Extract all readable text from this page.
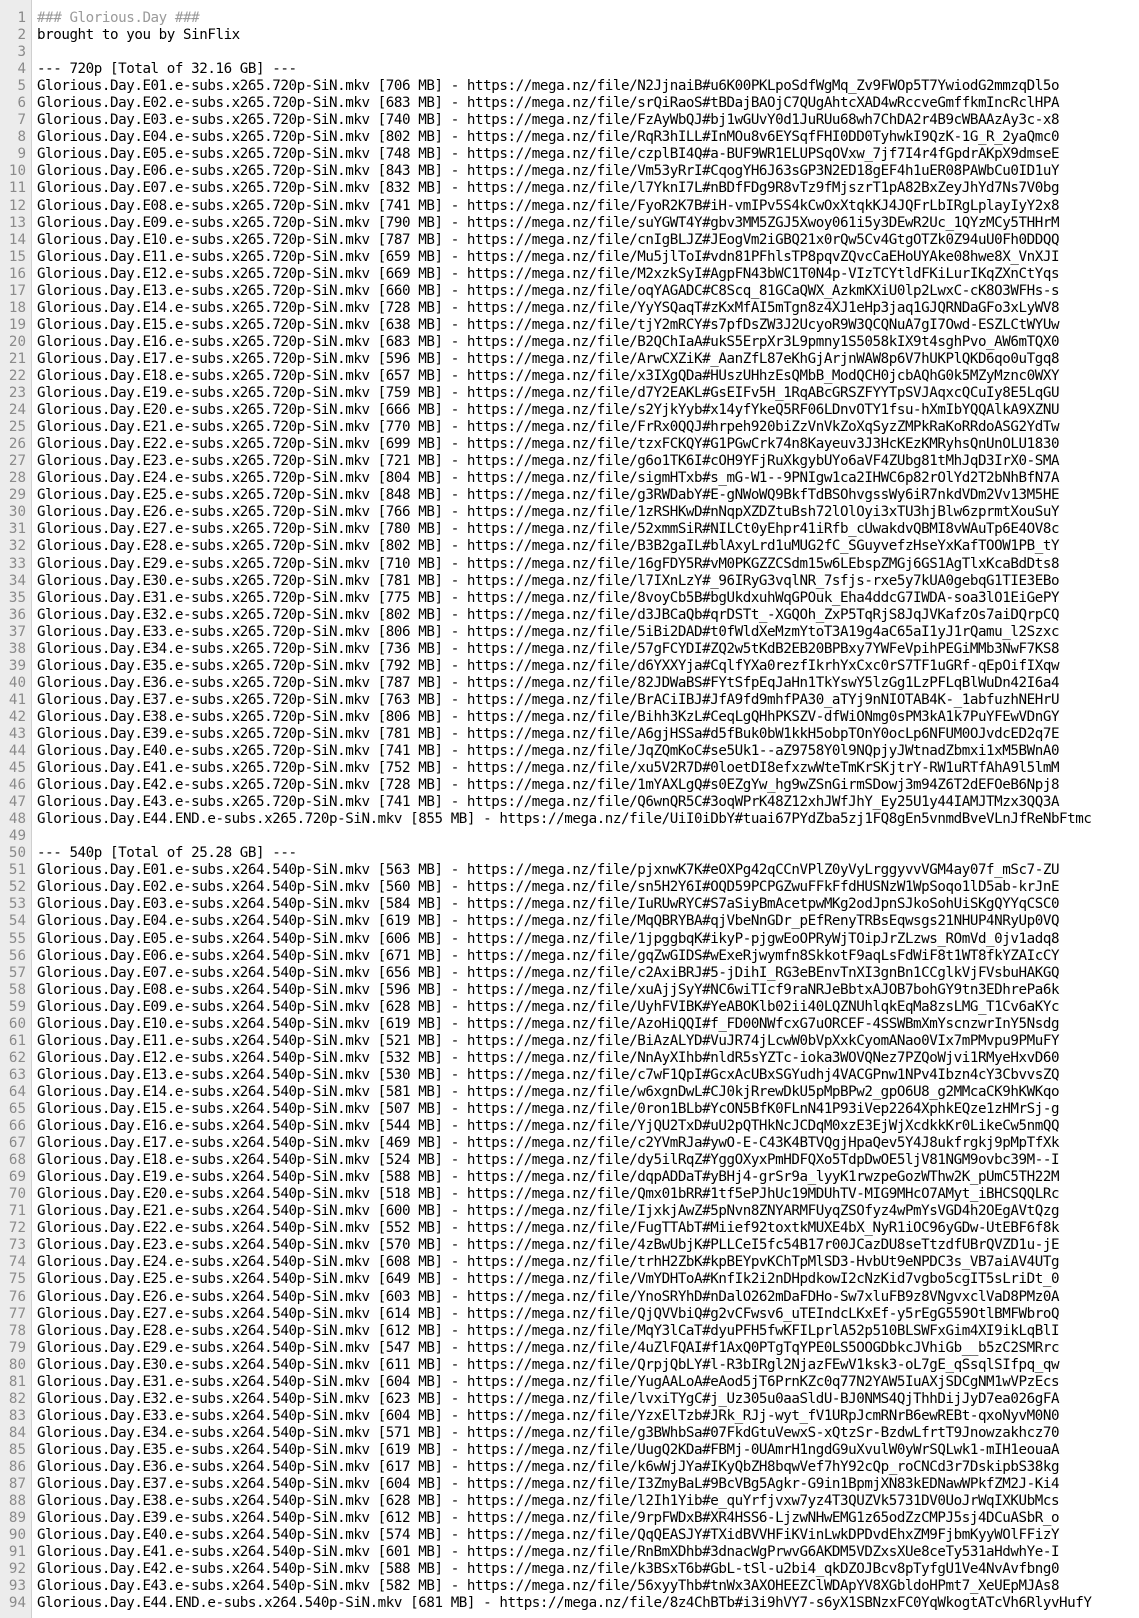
1 ### Glorious.Day ###
2 brought to you by SinFlix
3
4 --- 720p [Total of 32.16 GB] ---
5 Glorious.Day.E01.e-subs.x265.720p-SiN.mkv [706 MB] - https://mega.nz/file/N2JjnaiB#u6K00PKLpoSdfWgMq_Zv9FWOp5T7YwiodG2mmzqDl5o
6 Glorious.Day.E02.e-subs.x265.720p-SiN.mkv [683 MB] - https://mega.nz/file/srQiRaoS#tBDajBAOjC7QUgAhtcXAD4wRccveGmffkmIncRclHPA
7 Glorious.Day.E03.e-subs.x265.720p-SiN.mkv [740 MB] - https://mega.nz/file/FzAyWbQJ#bj1wGUvY0d1JuRUu68wh7ChDA2r4B9cWBAAzAy3c-x8
8 Glorious.Day.E04.e-subs.x265.720p-SiN.mkv [802 MB] - https://mega.nz/file/RqR3hILL#InMOu8v6EYSqfFHI0DD0TyhwkI9QzK-1G_R_2yaQmc0
9 Glorious.Day.E05.e-subs.x265.720p-SiN.mkv [748 MB] - https://mega.nz/file/czplBI4Q#a-BUF9WR1ELUPSqOVxw_7jf7I4r4fGpdrAKpX9dmseE
10 Glorious.Day.E06.e-subs.x265.720p-SiN.mkv [843 MB] - https://mega.nz/file/Vm53yRrI#CqogYH6J63sGP3N2ED18gEF4h1uER08PAWbCu0ID1uY
11 Glorious.Day.E07.e-subs.x265.720p-SiN.mkv [832 MB] - https://mega.nz/file/l7YknI7L#nBDfFDg9R8vTz9fMjszrT1pA82BxZeyJhYd7Ns7V0bg
12 Glorious.Day.E08.e-subs.x265.720p-SiN.mkv [741 MB] - https://mega.nz/file/FyoR2K7B#iH-vmIPv5S4kCwOxXtqkKJ4JQFrLbIRgLplayIyY2x8
13 Glorious.Day.E09.e-subs.x265.720p-SiN.mkv [790 MB] - https://mega.nz/file/suYGWT4Y#gbv3MM5ZGJ5Xwoy061i5y3DEwR2Uc_1QYzMCy5THHrM
14 Glorious.Day.E10.e-subs.x265.720p-SiN.mkv [787 MB] - https://mega.nz/file/cnIgBLJZ#JEogVm2iGBQ21x0rQw5Cv4GtgOTZk0Z94uU0Fh0DDQQ
15 Glorious.Day.E11.e-subs.x265.720p-SiN.mkv [659 MB] - https://mega.nz/file/Mu5jlToI#vdn81PFhlsTP8pqvZQvcCaEHoUYAke08hwe8X_VnXJI
16 Glorious.Day.E12.e-subs.x265.720p-SiN.mkv [669 MB] - https://mega.nz/file/M2xzkSyI#AgpFN43bWC1T0N4p-VIzTCYtldFKiLurIKqZXnCtYqs
17 Glorious.Day.E13.e-subs.x265.720p-SiN.mkv [660 MB] - https://mega.nz/file/oqYAGADC#C8Scq_81GCaQWX_AzkmKXiU0lp2LwxC-cK8O3WFHs-s
18 Glorious.Day.E14.e-subs.x265.720p-SiN.mkv [728 MB] - https://mega.nz/file/YyYSQaqT#zKxMfAI5mTgn8z4XJ1eHp3jaq1GJQRNDaGFo3xLyWV8
19 Glorious.Day.E15.e-subs.x265.720p-SiN.mkv [638 MB] - https://mega.nz/file/tjY2mRCY#s7pfDsZW3J2UcyoR9W3QCQNuA7gI7Owd-ESZLCtWYUw
20 Glorious.Day.E16.e-subs.x265.720p-SiN.mkv [683 MB] - https://mega.nz/file/B2QChIaA#ukS5ErpXr3L9pmny1S5058kIX9t4sghPvo_AW6mTQX0
21 Glorious.Day.E17.e-subs.x265.720p-SiN.mkv [596 MB] - https://mega.nz/file/ArwCXZiK#_AanZfL87eKhGjArjnWAW8p6V7hUKPlQKD6qo0uTgq8
22 Glorious.Day.E18.e-subs.x265.720p-SiN.mkv [657 MB] - https://mega.nz/file/x3IXgQDa#HUszUHhzEsQMbB_ModQCH0jcbAQhG0k5MZyMznc0WXY
23 Glorious.Day.E19.e-subs.x265.720p-SiN.mkv [759 MB] - https://mega.nz/file/d7Y2EAKL#GsEIFv5H_1RqABcGRSZFYYTpSVJAqxcQCuIy8E5LqGU
24 Glorious.Day.E20.e-subs.x265.720p-SiN.mkv [666 MB] - https://mega.nz/file/s2YjkYyb#x14yfYkeQ5RF06LDnvOTY1fsu-hXmIbYQQAlkA9XZNU
25 Glorious.Day.E21.e-subs.x265.720p-SiN.mkv [770 MB] - https://mega.nz/file/FrRx0QQJ#hrpeh920biZzVnVkZoXqSyzZMPkRaKoRRdoASG2YdTw
26 Glorious.Day.E22.e-subs.x265.720p-SiN.mkv [699 MB] - https://mega.nz/file/tzxFCKQY#G1PGwCrk74n8Kayeuv3J3HcKEzKMRyhsQnUnOLU1830
27 Glorious.Day.E23.e-subs.x265.720p-SiN.mkv [721 MB] - https://mega.nz/file/g6o1TK6I#cOH9YFjRuXkgybUYo6aVF4ZUbg81tMhJqD3IrX0-SMA
28 Glorious.Day.E24.e-subs.x265.720p-SiN.mkv [804 MB] - https://mega.nz/file/sigmHTxb#s_mG-W1--9PNIgw1ca2IHWC6p82rOlYd2T2bNhBfN7A
29 Glorious.Day.E25.e-subs.x265.720p-SiN.mkv [848 MB] - https://mega.nz/file/g3RWDabY#E-gNWoWQ9BkfTdBSOhvgssWy6iR7nkdVDm2Vv13M5HE
30 Glorious.Day.E26.e-subs.x265.720p-SiN.mkv [766 MB] - https://mega.nz/file/1zRSHKwD#nNqpXZDZtuBsh72lOlOyi3xTU3hjBlw6zprmtXouSuY
31 Glorious.Day.E27.e-subs.x265.720p-SiN.mkv [780 MB] - https://mega.nz/file/52xmmSiR#NILCt0yEhpr41iRfb_cUwakdvQBMI8vWAuTp6E4OV8c
32 Glorious.Day.E28.e-subs.x265.720p-SiN.mkv [802 MB] - https://mega.nz/file/B3B2gaIL#blAxyLrd1uMUG2fC_SGuyvefzHseYxKafTOOW1PB_tY
33 Glorious.Day.E29.e-subs.x265.720p-SiN.mkv [710 MB] - https://mega.nz/file/16gFDY5R#vM0PKGZZCSdm15w6LEbspZMGj6GS1AgTlxKcaBdDts8
34 Glorious.Day.E30.e-subs.x265.720p-SiN.mkv [781 MB] - https://mega.nz/file/l7IXnLzY#_96IRyG3vqlNR_7sfjs-rxe5y7kUA0gebqG1TIE3EBo
35 Glorious.Day.E31.e-subs.x265.720p-SiN.mkv [775 MB] - https://mega.nz/file/8voyCb5B#bgUkdxuhWqGPOuk_Eha4ddcG7IWDA-soa3lO1EiGePY
36 Glorious.Day.E32.e-subs.x265.720p-SiN.mkv [802 MB] - https://mega.nz/file/d3JBCaQb#qrDSTt_-XGQOh_ZxP5TqRjS8JqJVKafzOs7aiDQrpCQ
37 Glorious.Day.E33.e-subs.x265.720p-SiN.mkv [806 MB] - https://mega.nz/file/5iBi2DAD#t0fWldXeMzmYtoT3A19g4aC65aI1yJ1rQamu_l2Szxc
38 Glorious.Day.E34.e-subs.x265.720p-SiN.mkv [736 MB] - https://mega.nz/file/57gFCYDI#ZQ2w5tKdB2EB20BPBxy7YWFeVpihPEGiMMb3NwF7KS8
39 Glorious.Day.E35.e-subs.x265.720p-SiN.mkv [792 MB] - https://mega.nz/file/d6YXXYja#CqlfYXa0rezfIkrhYxCxc0rS7TF1uGRf-qEpOifIXqw
40 Glorious.Day.E36.e-subs.x265.720p-SiN.mkv [787 MB] - https://mega.nz/file/82JDWaBS#FYtSfpEqJaHn1TkYswY5lzGg1LzPFLqBlWuDn42I6a4
41 Glorious.Day.E37.e-subs.x265.720p-SiN.mkv [763 MB] - https://mega.nz/file/BrACiIBJ#JfA9fd9mhfPA30_aTYj9nNIOTAB4K-_1abfuzhNEHrU
42 Glorious.Day.E38.e-subs.x265.720p-SiN.mkv [806 MB] - https://mega.nz/file/Bihh3KzL#CeqLgQHhPKSZV-dfWiONmg0sPM3kA1k7PuYFEwVDnGY
43 Glorious.Day.E39.e-subs.x265.720p-SiN.mkv [781 MB] - https://mega.nz/file/A6gjHSSa#d5fBuk0bW1kkH5obpTOnY0ocLp6NFUM0OJvdcED2q7E
44 Glorious.Day.E40.e-subs.x265.720p-SiN.mkv [741 MB] - https://mega.nz/file/JqZQmKoC#se5Uk1--aZ9758Y0l9NQpjyJWtnadZbmxi1xM5BWnA0
45 Glorious.Day.E41.e-subs.x265.720p-SiN.mkv [752 MB] - https://mega.nz/file/xu5V2R7D#0loetDI8efxzwWteTmKrSKjtrY-RW1uRTfAhA9l5lmM
46 Glorious.Day.E42.e-subs.x265.720p-SiN.mkv [728 MB] - https://mega.nz/file/1mYAXLgQ#s0EZgYw_hg9wZSnGirmSDowj3m94Z6T2dEFOeB6Npj8
47 Glorious.Day.E43.e-subs.x265.720p-SiN.mkv [741 MB] - https://mega.nz/file/Q6wnQR5C#3oqWPrK48Z12xhJWfJhY_Ey25U1y44IAMJTMzx3QQ3A
48 Glorious.Day.E44.END.e-subs.x265.720p-SiN.mkv [855 MB] - https://mega.nz/file/UiI0iDbY#tuai67PYdZba5zj1FQ8gEn5vnmdBveVLnJfReNbFtmc
49
50 --- 540p [Total of 25.28 GB] ---
51 Glorious.Day.E01.e-subs.x264.540p-SiN.mkv [563 MB] - https://mega.nz/file/pjxnwK7K#eOXPg42qCCnVPlZ0yVyLrggyvvVGM4ay07f_mSc7-ZU
52 Glorious.Day.E02.e-subs.x264.540p-SiN.mkv [560 MB] - https://mega.nz/file/sn5H2Y6I#OQD59PCPGZwuFFkFfdHUSNzW1WpSoqo1lD5ab-krJnE
53 Glorious.Day.E03.e-subs.x264.540p-SiN.mkv [584 MB] - https://mega.nz/file/IuRUwRYC#S7aSiyBmAcetpwMKg2odJpnSJkoSohUiSKgQYYqCSC0
54 Glorious.Day.E04.e-subs.x264.540p-SiN.mkv [619 MB] - https://mega.nz/file/MqQBRYBA#qjVbeNnGDr_pEfRenyTRBsEqwsgs21NHUP4NRyUp0VQ
55 Glorious.Day.E05.e-subs.x264.540p-SiN.mkv [606 MB] - https://mega.nz/file/1jpggbqK#ikyP-pjgwEoOPRyWjTOipJrZLzws_ROmVd_0jv1adq8
56 Glorious.Day.E06.e-subs.x264.540p-SiN.mkv [671 MB] - https://mega.nz/file/gqZwGIDS#wExeRjwymfn8SkkotF9aqLsFdWiF8t1WT8fkYZAIcCY
57 Glorious.Day.E07.e-subs.x264.540p-SiN.mkv [656 MB] - https://mega.nz/file/c2AxiBRJ#5-jDihI_RG3eBEnvTnXI3gnBn1CCglkVjFVsbuHAKGQ
58 Glorious.Day.E08.e-subs.x264.540p-SiN.mkv [596 MB] - https://mega.nz/file/xuAjjSyY#NC6wiTIcf9raNRJeBbtxAJOB7bohGY9tn3EDhrePa6k
59 Glorious.Day.E09.e-subs.x264.540p-SiN.mkv [628 MB] - https://mega.nz/file/UyhFVIBK#YeABOKlb02ii40LQZNUhlqkEqMa8zsLMG_T1Cv6aKYc
60 Glorious.Day.E10.e-subs.x264.540p-SiN.mkv [619 MB] - https://mega.nz/file/AzoHiQQI#f_FD00NWfcxG7uORCEF-4SSWBmXmYscnzwrInY5Nsdg
61 Glorious.Day.E11.e-subs.x264.540p-SiN.mkv [521 MB] - https://mega.nz/file/BiAzALYD#VuJR74jLcwW0bVpXxkCyomANao0VIx7mPMvpu9PMuFY
62 Glorious.Day.E12.e-subs.x264.540p-SiN.mkv [532 MB] - https://mega.nz/file/NnAyXIhb#nldR5sYZTc-ioka3WOVQNez7PZQoWjvi1RMyeHxvD60
63 Glorious.Day.E13.e-subs.x264.540p-SiN.mkv [530 MB] - https://mega.nz/file/c7wF1QpI#GcxAcUBxSGYudhj4VACGPnw1NPv4Ibzn4cY3CbvvsZQ
64 Glorious.Day.E14.e-subs.x264.540p-SiN.mkv [581 MB] - https://mega.nz/file/w6xgnDwL#CJ0kjRrewDkU5pMpBPw2_gpO6U8_g2MMcaCK9hKWKqo
65 Glorious.Day.E15.e-subs.x264.540p-SiN.mkv [507 MB] - https://mega.nz/file/0ron1BLb#YcON5BfK0FLnN41P93iVep2264XphkEQze1zHMrSj-g
66 Glorious.Day.E16.e-subs.x264.540p-SiN.mkv [544 MB] - https://mega.nz/file/YjQU2TxD#uU2pQTHkNcJCDqM0xzE3EjWjXcdkkKr0LikeCw5nmQQ
67 Glorious.Day.E17.e-subs.x264.540p-SiN.mkv [469 MB] - https://mega.nz/file/c2YVmRJa#ywO-E-C43K4BTVQgjHpaQev5Y4J8ukfrgkj9pMpTfXk
68 Glorious.Day.E18.e-subs.x264.540p-SiN.mkv [524 MB] - https://mega.nz/file/dy5ilRqZ#YggOXyxPmHDFQXo5TdpDwOE5ljV81NGM9ovbc39M--I
69 Glorious.Day.E19.e-subs.x264.540p-SiN.mkv [588 MB] - https://mega.nz/file/dqpADDaT#yBHj4-grSr9a_lyyK1rwzpeGozWThw2K_pUmC5TH22M
70 Glorious.Day.E20.e-subs.x264.540p-SiN.mkv [518 MB] - https://mega.nz/file/Qmx01bRR#1tf5ePJhUc19MDUhTV-MIG9MHcO7AMyt_iBHCSQQLRc
71 Glorious.Day.E21.e-subs.x264.540p-SiN.mkv [600 MB] - https://mega.nz/file/IjxkjAwZ#5pNvn8ZNYARMFUyqZSOfyz4wPmYsVGD4h2OEgAVtQzg
72 Glorious.Day.E22.e-subs.x264.540p-SiN.mkv [552 MB] - https://mega.nz/file/FugTTAbT#Miief92toxtkMUXE4bX_NyR1iOC96yGDw-UtEBF6f8k
73 Glorious.Day.E23.e-subs.x264.540p-SiN.mkv [570 MB] - https://mega.nz/file/4zBwUbjK#PLLCeI5fc54B17r00JCazDU8seTtzdfUBrQVZD1u-jE
74 Glorious.Day.E24.e-subs.x264.540p-SiN.mkv [608 MB] - https://mega.nz/file/trhH2ZbK#kpBEYpvKChTpMlSD3-HvbUt9eNPDC3s_VB7aiAV4UTg
75 Glorious.Day.E25.e-subs.x264.540p-SiN.mkv [649 MB] - https://mega.nz/file/VmYDHToA#KnfIk2i2nDHpdkowI2cNzKid7vgbo5cgIT5sLriDt_0
76 Glorious.Day.E26.e-subs.x264.540p-SiN.mkv [603 MB] - https://mega.nz/file/YnoSRYhD#nDalO262mDaFDHo-Sw7xluFB9z8VNgvxclVaD8PMz0A
77 Glorious.Day.E27.e-subs.x264.540p-SiN.mkv [614 MB] - https://mega.nz/file/QjQVVbiQ#g2vCFwsv6_uTEIndcLKxEf-y5rEgG559OtlBMFWbroQ
78 Glorious.Day.E28.e-subs.x264.540p-SiN.mkv [612 MB] - https://mega.nz/file/MqY3lCaT#dyuPFH5fwKFILprlA52p510BLSWFxGim4XI9ikLqBlI
79 Glorious.Day.E29.e-subs.x264.540p-SiN.mkv [547 MB] - https://mega.nz/file/4uZlFQAI#f1AxQ0PTgTqYPE0LS5OOGDbkcJVhiGb__b5zC2SMRrc
80 Glorious.Day.E30.e-subs.x264.540p-SiN.mkv [611 MB] - https://mega.nz/file/QrpjQbLY#l-R3bIRgl2NjazFEwV1ksk3-oL7gE_qSsqlSIfpq_qw
81 Glorious.Day.E31.e-subs.x264.540p-SiN.mkv [604 MB] - https://mega.nz/file/YugAALoA#eAod5jT6PrnKZc0q77N2YAW5IuAXjSDCgNM1wVPzEcs
82 Glorious.Day.E32.e-subs.x264.540p-SiN.mkv [623 MB] - https://mega.nz/file/lvxiTYgC#j_Uz305u0aaSldU-BJ0NMS4QjThhDijJyD7ea026gFA
83 Glorious.Day.E33.e-subs.x264.540p-SiN.mkv [604 MB] - https://mega.nz/file/YzxElTzb#JRk_RJj-wyt_fV1URpJcmRNrB6ewREBt-qxoNyvM0N0
84 Glorious.Day.E34.e-subs.x264.540p-SiN.mkv [571 MB] - https://mega.nz/file/g3BWhbSa#07FkdGtuVewxS-xQtzSr-BzdwLfrtT9Jnowzakhcz70
85 Glorious.Day.E35.e-subs.x264.540p-SiN.mkv [619 MB] - https://mega.nz/file/UugQ2KDa#FBMj-0UAmrH1ngdG9uXvulW0yWrSQLwk1-mIH1eouaA
86 Glorious.Day.E36.e-subs.x264.540p-SiN.mkv [617 MB] - https://mega.nz/file/k6wWjJYa#IKyQbZH8bqwVef7hY92cQp_roCNCd3r7DskipbS38kg
87 Glorious.Day.E37.e-subs.x264.540p-SiN.mkv [604 MB] - https://mega.nz/file/I3ZmyBaL#9BcVBg5Agkr-G9in1BpmjXN83kEDNawWPkfZM2J-Ki4
88 Glorious.Day.E38.e-subs.x264.540p-SiN.mkv [628 MB] - https://mega.nz/file/l2Ih1Yib#e_quYrfjvxw7yz4T3QUZVk5731DV0UoJrWqIXKUbMcs
89 Glorious.Day.E39.e-subs.x264.540p-SiN.mkv [612 MB] - https://mega.nz/file/9rpFWDxB#XR4HSS6-LjzwNHwEMG1z65odZzCMPJ5sj4DCuASbR_o
90 Glorious.Day.E40.e-subs.x264.540p-SiN.mkv [574 MB] - https://mega.nz/file/QqQEASJY#TXidBVVHFiKVinLwkDPDvdEhxZM9FjbmKyyWOlFFizY
91 Glorious.Day.E41.e-subs.x264.540p-SiN.mkv [601 MB] - https://mega.nz/file/RnBmXDhb#3dnacWgPrwvG6AKDM5VDZxsXUe8ceTy531aHdwhYe-I
92 Glorious.Day.E42.e-subs.x264.540p-SiN.mkv [588 MB] - https://mega.nz/file/k3BSxT6b#GbL-tSl-u2bi4_qkDZOJBcv8pTyfgU1Ve4NvAvfbng0
93 Glorious.Day.E43.e-subs.x264.540p-SiN.mkv [582 MB] - https://mega.nz/file/56xyyThb#tnWx3AXOHEEZClWDApYV8XGbldoHPmt7_XeUEpMJAs8
94 Glorious.Day.E44.END.e-subs.x264.540p-SiN.mkv [681 MB] - https://mega.nz/file/8z4ChBTb#i3i9hVY7-s6yX1SBNzxFC0YqWkogtATcVh6RlyvHufY
